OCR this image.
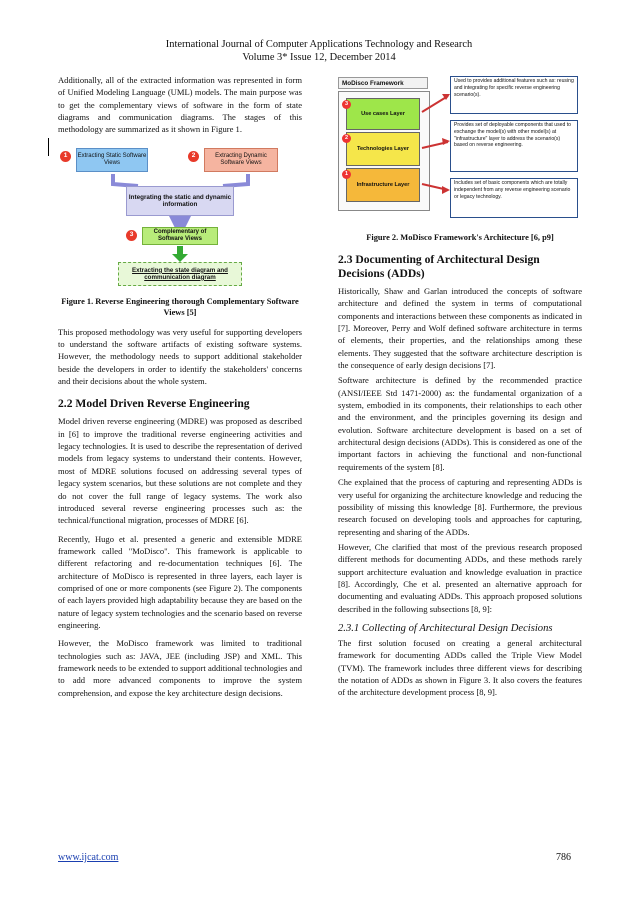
International Journal of Computer Applications Technology and Research
Volume 3* Issue 12, December 2014

Additionally, all of the extracted information was represented in form of Unified Modeling Language (UML) models. The main purpose was to get the complementary views of software in the form of state diagrams and communication diagrams. The stages of this methodology are summarized as it shown in Figure 1.

1	Extracting Static Software Views
2	Extracting Dynamic Software Views
Integrating the static and dynamic information
3	Complementary of Software Views
Extracting the state diagram and communication diagram
Figure 1. Reverse Engineering thorough Complementary Software Views [5]

This proposed methodology was very useful for supporting developers to understand the software artifacts of existing software systems. However, the methodology needs to support additional stakeholder beside the developers in order to identify the stakeholders' concerns and their decisions about the whole system.

2.2 Model Driven Reverse Engineering

Model driven reverse engineering (MDRE) was proposed as described in [6] to improve the traditional reverse engineering activities and legacy technologies. It is used to describe the representation of derived models from legacy systems to understand their contents. However, most of MDRE solutions focused on addressing several types of legacy system scenarios, but these solutions are not complete and they do not cover the full range of legacy systems. The work also introduced several reverse engineering processes such as: the technical/functional migration, processes of MDRE [6].

Recently, Hugo et al. presented a generic and extensible MDRE framework called "MoDisco". This framework is applicable to different refactoring and re-documentation techniques [6]. The architecture of MoDisco is represented in three layers, each layer is comprised of one or more components (see Figure 2). The components of each layers provided high adaptability because they are based on the nature of legacy system technologies and the scenario based on reverse engineering.

However, the MoDisco framework was limited to traditional technologies such as: JAVA, JEE (including JSP) and XML. This framework needs to be extended to support additional technologies and to add more advanced components to improve the system comprehension, and expose the key architecture design decisions.

MoDisco Framework
Use cases Layer
3
Technologies Layer
2
Infrastructure Layer
1
Used to provides additional features such as: reusing and integrating for specific reverse engineering scenario(s).
Provides set of deployable components that used to exchange the model(s) with other model(s) at "infrastructure" layer to address the scenario(s) based on reverse engineering.
Includes set of basic components which are totally independent from any reverse engineering scenario or legacy technology.
Figure 2. MoDisco Framework's Architecture [6, p9]
2.3 Documenting of Architectural Design Decisions (ADDs)

Historically, Shaw and Garlan introduced the concepts of software architecture and defined the system in terms of computational components and interactions between these components as indicated in [7]. Moreover, Perry and Wolf defined software architecture in terms of elements, their properties, and the relationships among these elements. They suggested that the software architecture description is the consequence of early design decisions [7].

Software architecture is defined by the recommended practice (ANSI/IEEE Std 1471-2000) as: the fundamental organization of a system, embodied in its components, their relationships to each other and the environment, and the principles governing its design and evolution. Software architecture development is based on a set of architectural design decisions (ADDs). This is considered as one of the important factors in achieving the functional and non-functional requirements of the system [8].

Che explained that the process of capturing and representing ADDs is very useful for organizing the architecture knowledge and reducing the possibility of missing this knowledge [8]. Furthermore, the previous research focused on developing tools and approaches for capturing, representing and sharing of the ADDs.

However, Che clarified that most of the previous research proposed different methods for documenting ADDs, and these methods rarely support architecture evaluation and knowledge evaluation in practice [8]. Accordingly, Che et al. presented an alternative approach for documenting and evaluating ADDs. This approach proposed solutions described in the following subsections [8, 9]:

2.3.1 Collecting of Architectural Design Decisions

The first solution focused on creating a general architectural framework for documenting ADDs called the Triple View Model (TVM). The framework includes three different views for describing the notation of ADDs as shown in Figure 3. It also covers the features of the architecture development process [8, 9].

www.ijcat.com	786
